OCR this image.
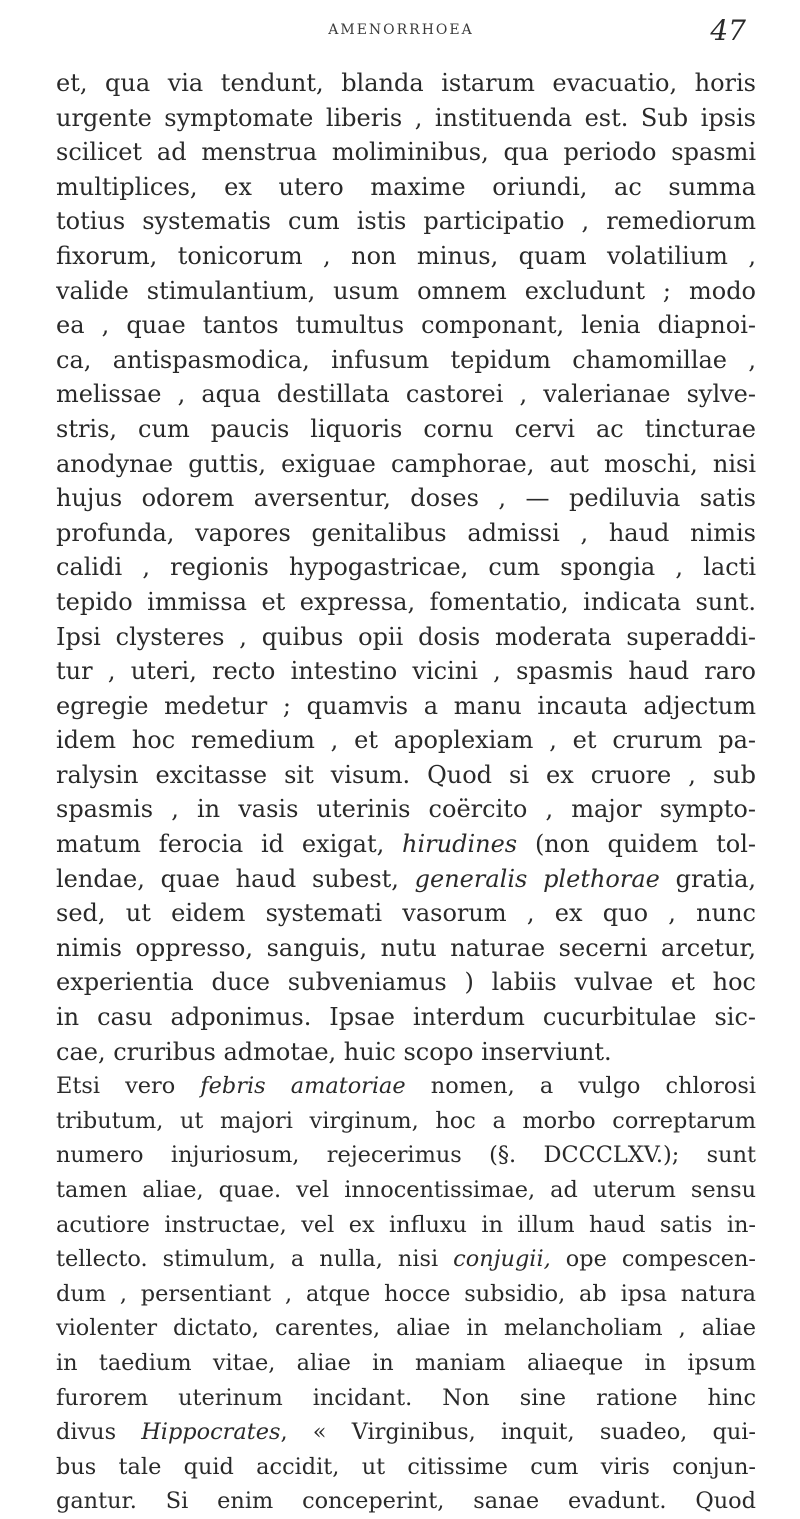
AMENORRHOEA	47
et, qua via tendunt, blanda istarum evacuatio, horis
urgente symptomate liberis , instituenda est. Sub ipsis
scilicet ad menstrua moliminibus, qua periodo spasmi
multiplices, ex utero maxime oriundi, ac summa
totius systematis cum istis participatio , remediorum
fixorum, tonicorum , non minus, quam volatilium ,
valide stimulantium, usum omnem excludunt ; modo
ea , quae tantos tumultus componant, lenia diapnoi-
ca, antispasmodica, infusum tepidum chamomillae ,
melissae , aqua destillata castorei , valerianae sylve-
stris, cum paucis liquoris cornu cervi ac tincturae
anodynae guttis, exiguae camphorae, aut moschi, nisi
hujus odorem aversentur, doses , — pediluvia satis
profunda, vapores genitalibus admissi , haud nimis
calidi , regionis hypogastricae, cum spongia , lacti
tepido immissa et expressa, fomentatio, indicata sunt.
Ipsi clysteres , quibus opii dosis moderata superaddi-
tur , uteri, recto intestino vicini , spasmis haud raro
egregie medetur ; quamvis a manu incauta adjectum
idem hoc remedium , et apoplexiam , et crurum pa-
ralysin excitasse sit visum. Quod si ex cruore , sub
spasmis , in vasis uterinis coërcito , major sympto-
matum ferocia id exigat, hirudines (non quidem tol-
lendae, quae haud subest, generalis plethorae gratia,
sed, ut eidem systemati vasorum , ex quo , nunc
nimis oppresso, sanguis, nutu naturae secerni arcetur,
experientia duce subveniamus ) labiis vulvae et hoc
in casu adponimus. Ipsae interdum cucurbitulae sic-
cae, cruribus admotae, huic scopo inserviunt.
Etsi vero febris amatoriae nomen, a vulgo chlorosi
tributum, ut majori virginum, hoc a morbo correptarum
numero injuriosum, rejecerimus (§. DCCCLXV.); sunt
tamen aliae, quae. vel innocentissimae, ad uterum sensu
acutiore instructae, vel ex influxu in illum haud satis in-
tellecto. stimulum, a nulla, nisi conjugii, ope compescen-
dum , persentiant , atque hocce subsidio, ab ipsa natura
violenter dictato, carentes, aliae in melancholiam , aliae
in taedium vitae, aliae in maniam aliaeque in ipsum
furorem uterinum incidant. Non sine ratione hinc
divus Hippocrates, « Virginibus, inquit, suadeo, qui-
bus tale quid accidit, ut citissime cum viris conjun-
gantur. Si enim conceperint, sanae evadunt. Quod
